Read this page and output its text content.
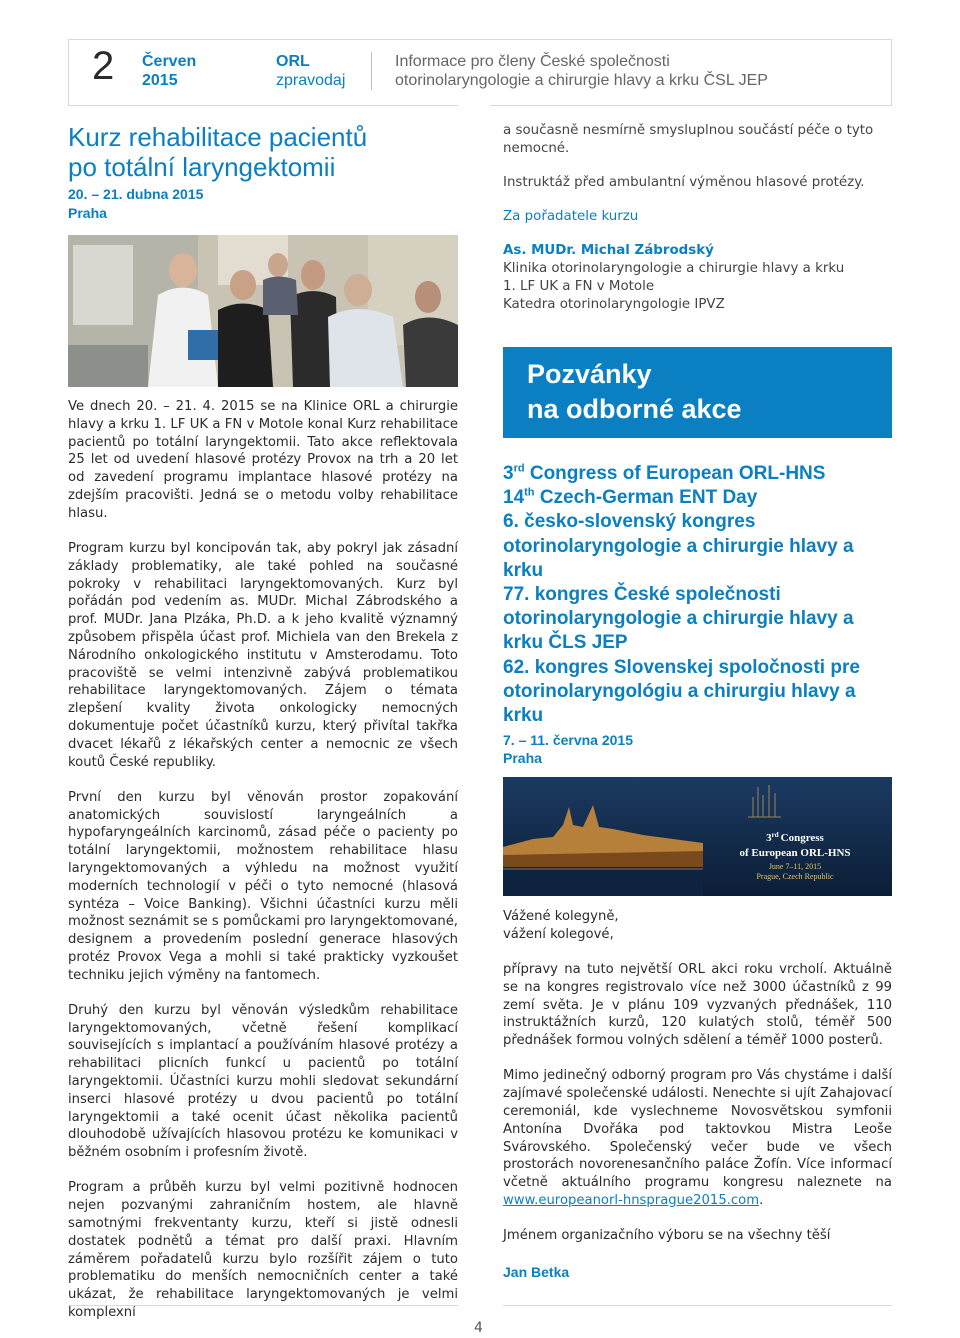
2 Červen
2015
ORL
zpravodaj
Informace pro členy České společnosti
otorinolaryngologie a chirurgie hlavy a krku ČSL JEP
Kurz rehabilitace pacientů
po totální laryngektomii
20. – 21. dubna 2015
Praha

Ve dnech 20. – 21. 4. 2015 se na Klinice ORL a chirurgie hlavy a krku 1. LF UK a FN v Motole konal Kurz rehabilitace pacientů po totální laryngektomii. Tato akce reflektovala 25 let od uvedení hlasové protézy Provox na trh a 20 let od zavedení programu implantace hlasové protézy na zdejším pracovišti. Jedná se o metodu volby rehabilitace hlasu.

Program kurzu byl koncipován tak, aby pokryl jak zásadní základy problematiky, ale také pohled na současné pokroky v rehabilitaci laryngektomovaných. Kurz byl pořádán pod vedením as. MUDr. Michal Zábrodského a prof. MUDr. Jana Plzáka, Ph.D. a k jeho kvalitě významný způsobem přispěla účast prof. Michiela van den Brekela z Národního onkologického institutu v Amsterodamu. Toto pracoviště se velmi intenzivně zabývá problematikou rehabilitace laryngektomovaných. Zájem o témata zlepšení kvality života onkologicky nemocných dokumentuje počet účastníků kurzu, který přivítal takřka dvacet lékařů z lékařských center a nemocnic ze všech koutů České republiky.

První den kurzu byl věnován prostor zopakování anatomických souvislostí laryngeálních a hypofaryngeálních karcinomů, zásad péče o pacienty po totální laryngektomii, možnostem rehabilitace hlasu laryngektomovaných a výhledu na možnost využití moderních technologií v péči o tyto nemocné (hlasová syntéza – Voice Banking). Všichni účastníci kurzu měli možnost seznámit se s pomůckami pro laryngektomované, designem a provedením poslední generace hlasových protéz Provox Vega a mohli si také prakticky vyzkoušet techniku jejich výměny na fantomech.

Druhý den kurzu byl věnován výsledkům rehabilitace laryngektomovaných, včetně řešení komplikací souvisejících s implantací a používáním hlasové protézy a rehabilitaci plicních funkcí u pacientů po totální laryngektomii. Účastníci kurzu mohli sledovat sekundární inserci hlasové protézy u dvou pacientů po totální laryngektomii a také ocenit účast několika pacientů dlouhodobě užívajících hlasovou protézu ke komunikaci v běžném osobním i profesním životě.

Program a průběh kurzu byl velmi pozitivně hodnocen nejen pozvanými zahraničním hostem, ale hlavně samotnými frekventanty kurzu, kteří si jistě odnesli dostatek podnětů a témat pro další praxi. Hlavním záměrem pořadatelů kurzu bylo rozšířit zájem o tuto problematiku do menších nemocničních center a také ukázat, že rehabilitace laryngektomovaných je velmi komplexní

a současně nesmírně smysluplnou součástí péče o tyto nemocné.

Instruktáž před ambulantní výměnou hlasové protézy.

Za pořadatele kurzu

As. MUDr. Michal Zábrodský
Klinika otorinolaryngologie a chirurgie hlavy a krku
1. LF UK a FN v Motole
Katedra otorinolaryngologie IPVZ
Pozvánky
na odborné akce
3rd Congress of European ORL-HNS
14th Czech-German ENT Day
6. česko-slovenský kongres otorinolaryngologie a chirurgie hlavy a krku
77. kongres České společnosti otorinolaryngologie a chirurgie hlavy a krku ČLS JEP
62. kongres Slovenskej spoločnosti pre otorinolaryngológiu a chirurgiu hlavy a krku
7. – 11. června 2015
Praha
3rd Congress
of European ORL-HNS
June 7–11, 2015
Prague, Czech Republic

Vážené kolegyně,
vážení kolegové,

přípravy na tuto největší ORL akci roku vrcholí. Aktuálně se na kongres registrovalo více než 3000 účastníků z 99 zemí světa. Je v plánu 109 vyzvaných přednášek, 110 instruktážních kurzů, 120 kulatých stolů, téměř 500 přednášek formou volných sdělení a téměř 1000 posterů.

Mimo jedinečný odborný program pro Vás chystáme i další zajímavé společenské události. Nenechte si ujít Zahajovací ceremoniál, kde vyslechneme Novosvětskou symfonii Antonína Dvořáka pod taktovkou Mistra Leoše Svárovského. Společenský večer bude ve všech prostorách novorenesančního paláce Žofín. Více informací včetně aktuálního programu kongresu naleznete na www.europeanorl-hnsprague2015.com.

Jménem organizačního výboru se na všechny těší

Jan Betka
4
